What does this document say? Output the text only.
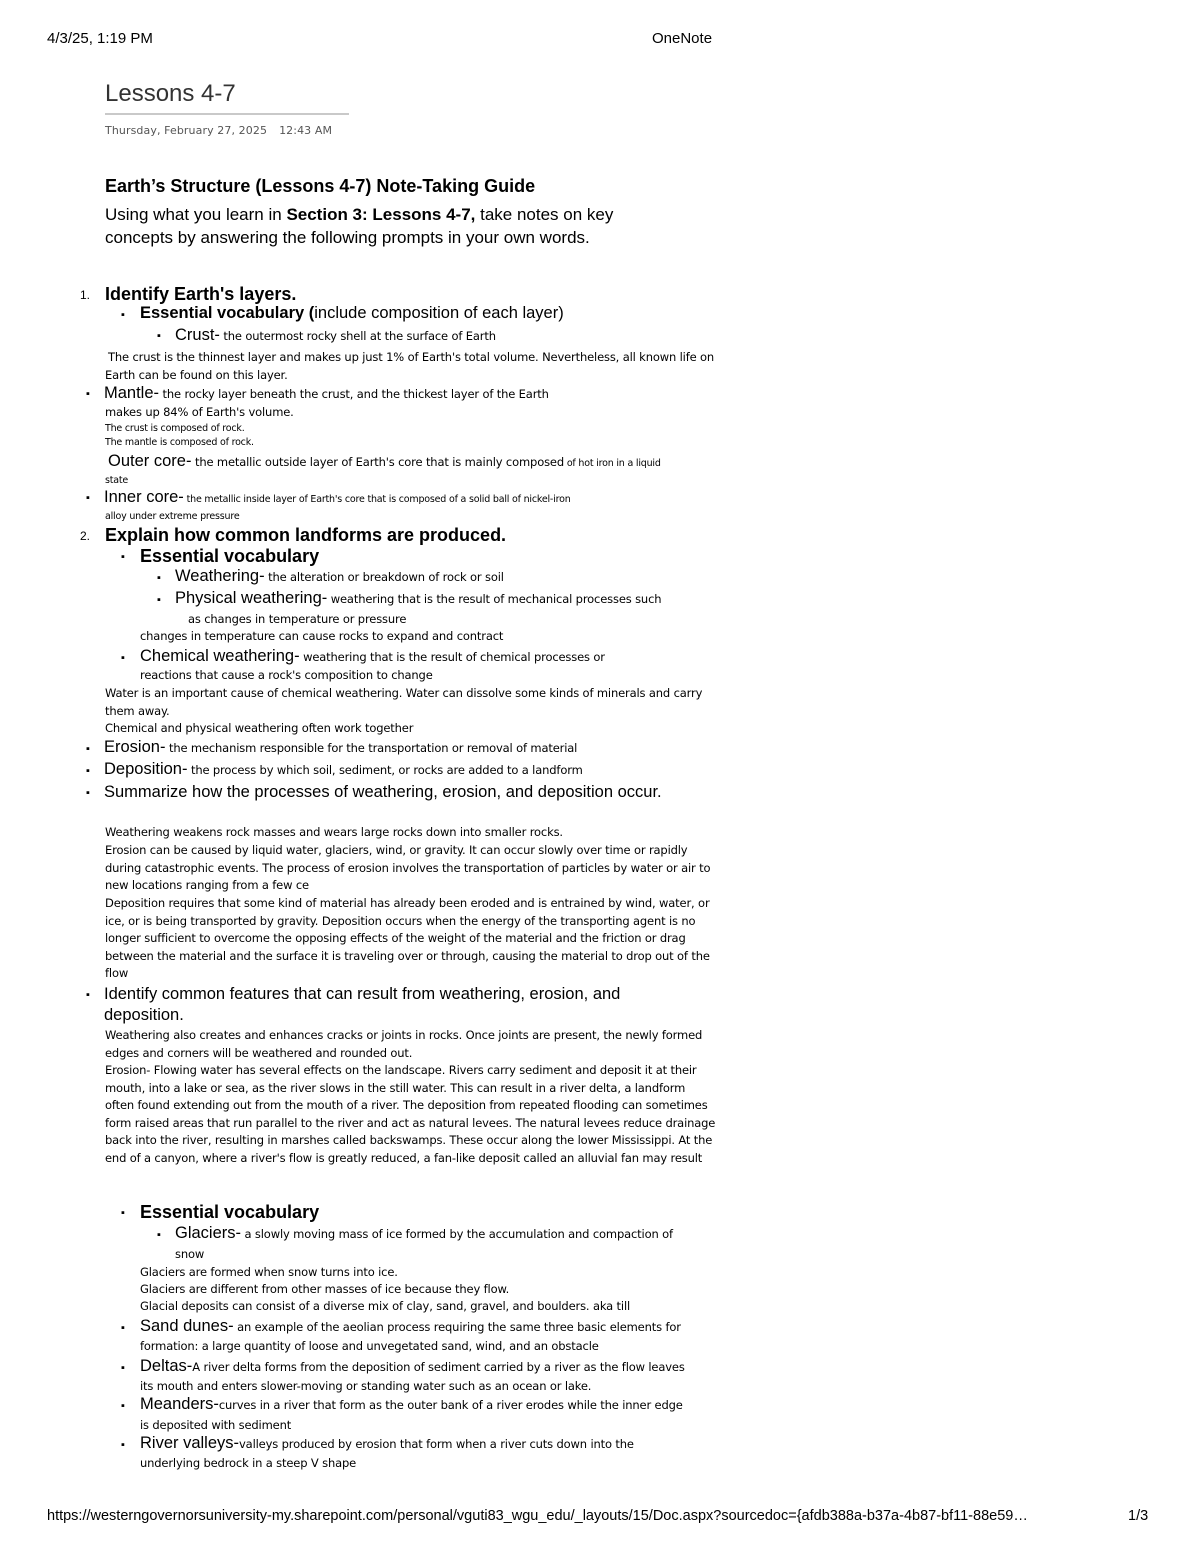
4/3/25, 1:19 PM	OneNote
Lessons 4-7
Thursday, February 27, 2025 12:43 AM
Earth’s Structure (Lessons 4-7) Note-Taking Guide
Using what you learn in Section 3: Lessons 4-7, take notes on key concepts by answering the following prompts in your own words.
1. Identify Earth's layers.
▪ Essential vocabulary (include composition of each layer)
▪ Crust- the outermost rocky shell at the surface of Earth
The crust is the thinnest layer and makes up just 1% of Earth's total volume. Nevertheless, all known life on Earth can be found on this layer.
▪ Mantle- the rocky layer beneath the crust, and the thickest layer of the Earth
makes up 84% of Earth's volume.
The crust is composed of rock.
The mantle is composed of rock.
Outer core- the metallic outside layer of Earth's core that is mainly composed of hot iron in a liquid
state
▪ Inner core- the metallic inside layer of Earth's core that is composed of a solid ball of nickel-iron
alloy under extreme pressure
2. Explain how common landforms are produced.
▪ Essential vocabulary
▪ Weathering- the alteration or breakdown of rock or soil
▪ Physical weathering- weathering that is the result of mechanical processes such
as changes in temperature or pressure
changes in temperature can cause rocks to expand and contract
▪ Chemical weathering- weathering that is the result of chemical processes or
reactions that cause a rock's composition to change
Water is an important cause of chemical weathering. Water can dissolve some kinds of minerals and carry them away.
Chemical and physical weathering often work together
▪ Erosion- the mechanism responsible for the transportation or removal of material
▪ Deposition- the process by which soil, sediment, or rocks are added to a landform
▪ Summarize how the processes of weathering, erosion, and deposition occur.
Weathering weakens rock masses and wears large rocks down into smaller rocks.
Erosion can be caused by liquid water, glaciers, wind, or gravity. It can occur slowly over time or rapidly during catastrophic events. The process of erosion involves the transportation of particles by water or air to new locations ranging from a few ce
Deposition requires that some kind of material has already been eroded and is entrained by wind, water, or ice, or is being transported by gravity. Deposition occurs when the energy of the transporting agent is no longer sufficient to overcome the opposing effects of the weight of the material and the friction or drag between the material and the surface it is traveling over or through, causing the material to drop out of the flow
▪ Identify common features that can result from weathering, erosion, and deposition.
Weathering also creates and enhances cracks or joints in rocks. Once joints are present, the newly formed edges and corners will be weathered and rounded out.
Erosion- Flowing water has several effects on the landscape. Rivers carry sediment and deposit it at their mouth, into a lake or sea, as the river slows in the still water. This can result in a river delta, a landform often found extending out from the mouth of a river. The deposition from repeated flooding can sometimes form raised areas that run parallel to the river and act as natural levees. The natural levees reduce drainage back into the river, resulting in marshes called backswamps. These occur along the lower Mississippi. At the end of a canyon, where a river's flow is greatly reduced, a fan-like deposit called an alluvial fan may result
▪ Essential vocabulary
▪ Glaciers- a slowly moving mass of ice formed by the accumulation and compaction of
snow
Glaciers are formed when snow turns into ice.
Glaciers are different from other masses of ice because they flow.
Glacial deposits can consist of a diverse mix of clay, sand, gravel, and boulders. aka till
▪ Sand dunes- an example of the aeolian process requiring the same three basic elements for
formation: a large quantity of loose and unvegetated sand, wind, and an obstacle
▪ Deltas-A river delta forms from the deposition of sediment carried by a river as the flow leaves
its mouth and enters slower-moving or standing water such as an ocean or lake.
▪ Meanders-curves in a river that form as the outer bank of a river erodes while the inner edge
is deposited with sediment
▪ River valleys-valleys produced by erosion that form when a river cuts down into the
underlying bedrock in a steep V shape
https://westerngovernorsuniversity-my.sharepoint.com/personal/vguti83_wgu_edu/_layouts/15/Doc.aspx?sourcedoc={afdb388a-b37a-4b87-bf11-88e59…	1/3
